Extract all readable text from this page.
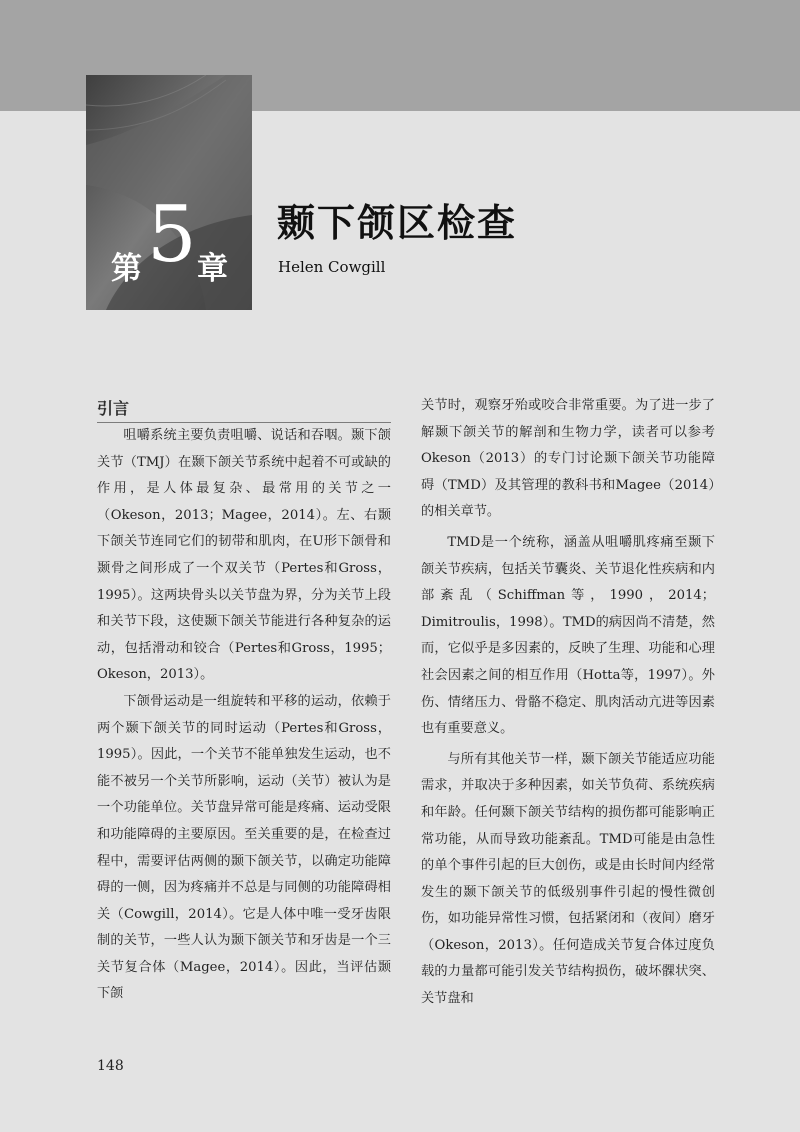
第 5 章
颞下颌区检查
Helen Cowgill
引言

咀嚼系统主要负责咀嚼、说话和吞咽。颞下颌关节（TMJ）在颞下颌关节系统中起着不可或缺的作用，是人体最复杂、最常用的关节之一（Okeson，2013；Magee，2014）。左、右颞下颌关节连同它们的韧带和肌肉，在U形下颌骨和颞骨之间形成了一个双关节（Pertes和Gross，1995）。这两块骨头以关节盘为界，分为关节上段和关节下段，这使颞下颌关节能进行各种复杂的运动，包括滑动和铰合（Pertes和Gross，1995；Okeson，2013）。

下颌骨运动是一组旋转和平移的运动，依赖于两个颞下颌关节的同时运动（Pertes和Gross，1995）。因此，一个关节不能单独发生运动，也不能不被另一个关节所影响，运动（关节）被认为是一个功能单位。关节盘异常可能是疼痛、运动受限和功能障碍的主要原因。至关重要的是，在检查过程中，需要评估两侧的颞下颌关节，以确定功能障碍的一侧，因为疼痛并不总是与同侧的功能障碍相关（Cowgill，2014）。它是人体中唯一受牙齿限制的关节，一些人认为颞下颌关节和牙齿是一个三关节复合体（Magee，2014）。因此，当评估颞下颌

关节时，观察牙殆或咬合非常重要。为了进一步了解颞下颌关节的解剖和生物力学，读者可以参考Okeson（2013）的专门讨论颞下颌关节功能障碍（TMD）及其管理的教科书和Magee（2014）的相关章节。

TMD是一个统称，涵盖从咀嚼肌疼痛至颞下颌关节疾病，包括关节囊炎、关节退化性疾病和内部紊乱（Schiffman等，1990，2014；Dimitroulis，1998）。TMD的病因尚不清楚，然而，它似乎是多因素的，反映了生理、功能和心理社会因素之间的相互作用（Hotta等，1997）。外伤、情绪压力、骨骼不稳定、肌肉活动亢进等因素也有重要意义。

与所有其他关节一样，颞下颌关节能适应功能需求，并取决于多种因素，如关节负荷、系统疾病和年龄。任何颞下颌关节结构的损伤都可能影响正常功能，从而导致功能紊乱。TMD可能是由急性的单个事件引起的巨大创伤，或是由长时间内经常发生的颞下颌关节的低级别事件引起的慢性微创伤，如功能异常性习惯，包括紧闭和（夜间）磨牙（Okeson，2013）。任何造成关节复合体过度负载的力量都可能引发关节结构损伤，破坏髁状突、关节盘和

148
